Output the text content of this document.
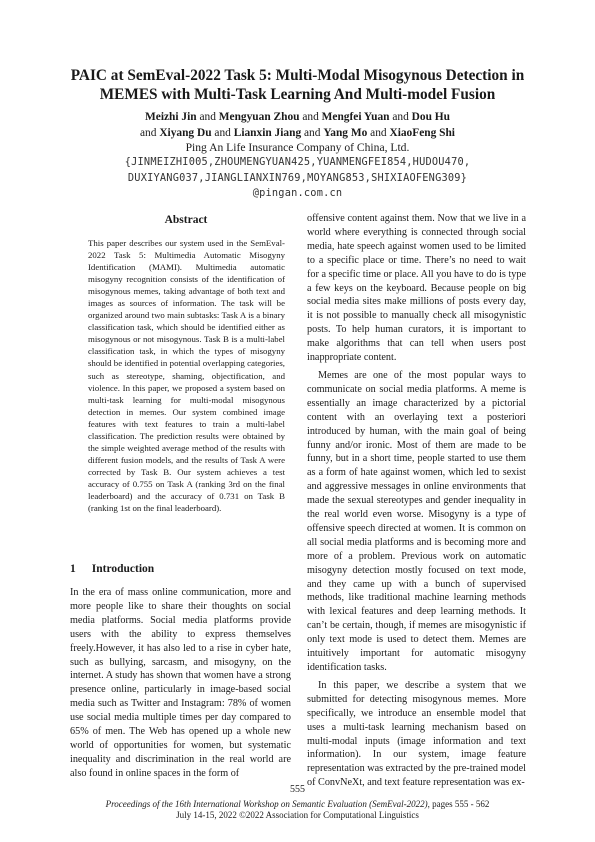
PAIC at SemEval-2022 Task 5: Multi-Modal Misogynous Detection in MEMES with Multi-Task Learning And Multi-model Fusion
Meizhi Jin and Mengyuan Zhou and Mengfei Yuan and Dou Hu
and Xiyang Du and Lianxin Jiang and Yang Mo and XiaoFeng Shi
Ping An Life Insurance Company of China, Ltd.
{JINMEIZHI005,ZHOUMENGYUAN425,YUANMENGFEI854,HUDOU470,
DUXIYANG037,JIANGLIANXIN769,MOYANG853,SHIXIAOFENG309}
@pingan.com.cn
Abstract
This paper describes our system used in the SemEval-2022 Task 5: Multimedia Automatic Misogyny Identification (MAMI). Multimedia automatic misogyny recognition consists of the identification of misogynous memes, taking advantage of both text and images as sources of information. The task will be organized around two main subtasks: Task A is a binary classification task, which should be identified either as misogynous or not misogynous. Task B is a multi-label classification task, in which the types of misogyny should be identified in potential overlapping categories, such as stereotype, shaming, objectification, and violence. In this paper, we proposed a system based on multi-task learning for multi-modal misogynous detection in memes. Our system combined image features with text features to train a multi-label classification. The prediction results were obtained by the simple weighted average method of the results with different fusion models, and the results of Task A were corrected by Task B. Our system achieves a test accuracy of 0.755 on Task A (ranking 3rd on the final leaderboard) and the accuracy of 0.731 on Task B (ranking 1st on the final leaderboard).
1 Introduction
In the era of mass online communication, more and more people like to share their thoughts on social media platforms. Social media platforms provide users with the ability to express themselves freely.However, it has also led to a rise in cyber hate, such as bullying, sarcasm, and misogyny, on the internet. A study has shown that women have a strong presence online, particularly in image-based social media such as Twitter and Instagram: 78% of women use social media multiple times per day compared to 65% of men. The Web has opened up a whole new world of opportunities for women, but systematic inequality and discrimination in the real world are also found in online spaces in the form of

offensive content against them. Now that we live in a world where everything is connected through social media, hate speech against women used to be limited to a specific place or time. There’s no need to wait for a specific time or place. All you have to do is type a few keys on the keyboard. Because people on big social media sites make millions of posts every day, it is not possible to manually check all misogynistic posts. To help human curators, it is important to make algorithms that can tell when users post inappropriate content.

Memes are one of the most popular ways to communicate on social media platforms. A meme is essentially an image characterized by a pictorial content with an overlaying text a posteriori introduced by human, with the main goal of being funny and/or ironic. Most of them are made to be funny, but in a short time, people started to use them as a form of hate against women, which led to sexist and aggressive messages in online environments that made the sexual stereotypes and gender inequality in the real world even worse. Misogyny is a type of offensive speech directed at women. It is common on all social media platforms and is becoming more and more of a problem. Previous work on automatic misogyny detection mostly focused on text mode, and they came up with a bunch of supervised methods, like traditional machine learning methods with lexical features and deep learning methods. It can’t be certain, though, if memes are misogynistic if only text mode is used to detect them. Memes are intuitively important for automatic misogyny identification tasks.

In this paper, we describe a system that we submitted for detecting misogynous memes. More specifically, we introduce an ensemble model that uses a multi-task learning mechanism based on multi-modal inputs (image information and text information). In our system, image feature representation was extracted by the pre-trained model of ConvNeXt, and text feature representation was ex-

555
Proceedings of the 16th International Workshop on Semantic Evaluation (SemEval-2022), pages 555 - 562
July 14-15, 2022 ©2022 Association for Computational Linguistics
